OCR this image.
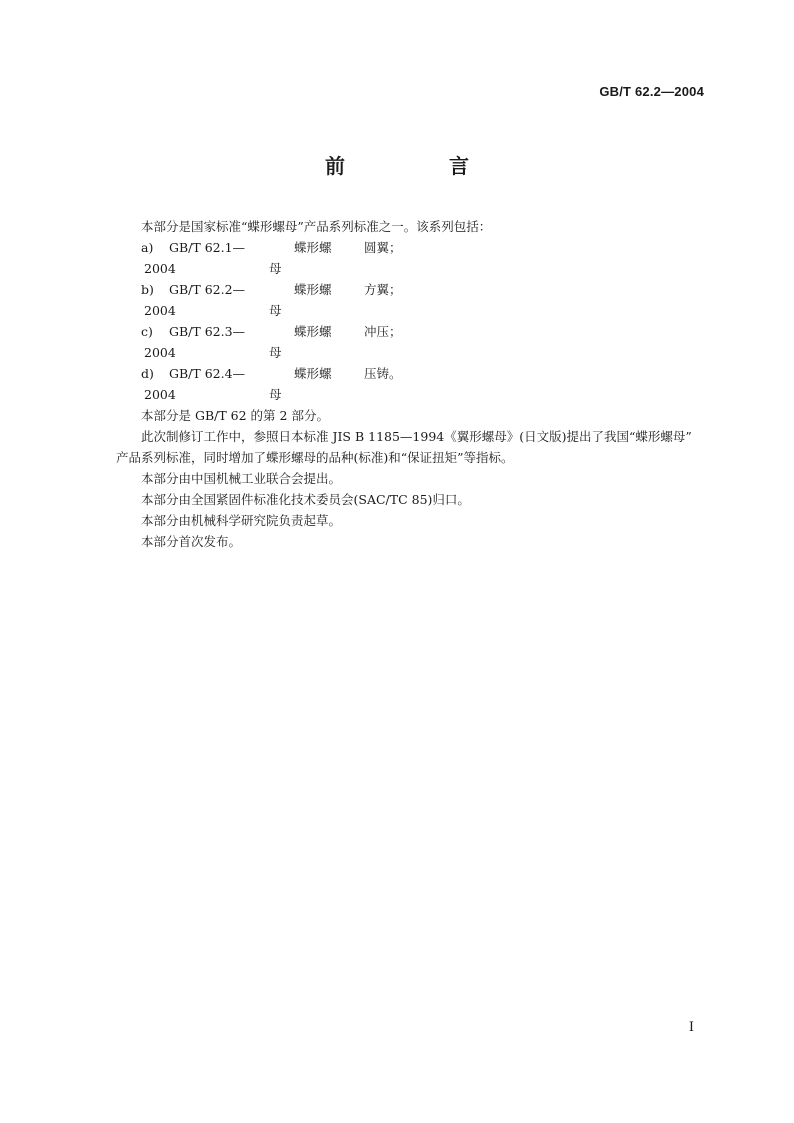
GB/T 62.2—2004
前　言

本部分是国家标准“蝶形螺母”产品系列标准之一。该系列包括：

a)	GB/T 62.1—2004
蝶形螺母
圆翼；
b)	GB/T 62.2—2004
蝶形螺母
方翼；
c)	GB/T 62.3—2004
蝶形螺母
冲压；
d)	GB/T 62.4—2004
蝶形螺母
压铸。

本部分是 GB/T 62 的第 2 部分。

此次制修订工作中，参照日本标准 JIS B 1185—1994《翼形螺母》(日文版)提出了我国“蝶形螺母”

产品系列标准，同时增加了蝶形螺母的品种(标准)和“保证扭矩”等指标。

本部分由中国机械工业联合会提出。

本部分由全国紧固件标准化技术委员会(SAC/TC 85)归口。

本部分由机械科学研究院负责起草。

本部分首次发布。

I
